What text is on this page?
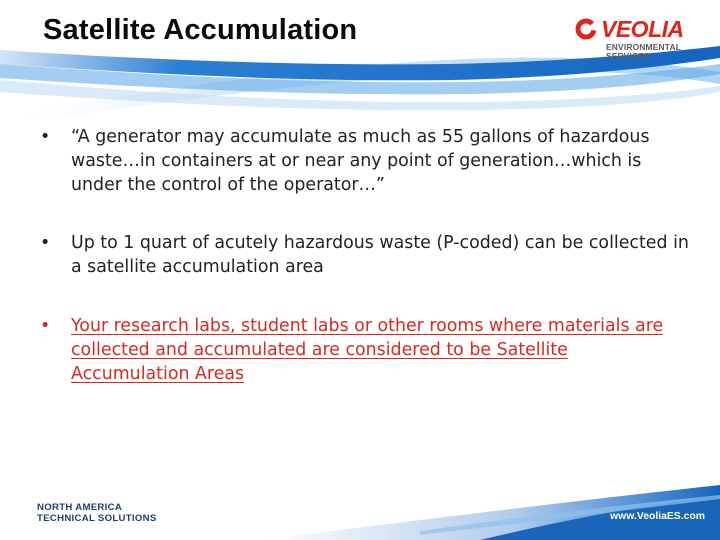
Satellite Accumulation	VEOLIA
ENVIRONMENTAL
SERVICES
• “A generator may accumulate as much as 55 gallons of hazardous waste…in containers at or near any point of generation…which is under the control of the operator…”
• Up to 1 quart of acutely hazardous waste (P-coded) can be collected in a satellite accumulation area
• Your research labs, student labs or other rooms where materials are collected and accumulated are considered to be Satellite Accumulation Areas
NORTH AMERICA
TECHNICAL SOLUTIONS	www.VeoliaES.com
